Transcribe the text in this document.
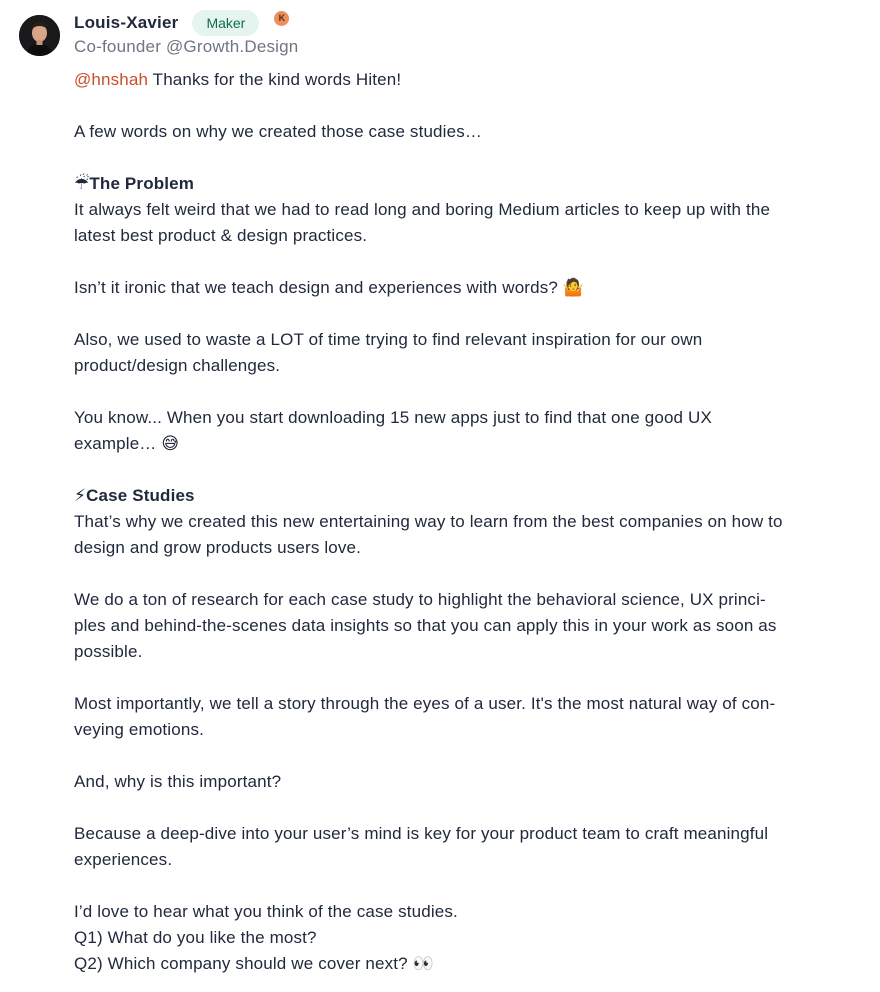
Louis-Xavier	Maker	K
Co-founder @Growth.Design
@hnshah Thanks for the kind words Hiten!
A few words on why we created those case studies…
☔The Problem
It always felt weird that we had to read long and boring Medium articles to keep up with the
latest best product & design practices.
Isn’t it ironic that we teach design and experiences with words? 🤷
Also, we used to waste a LOT of time trying to find relevant inspiration for our own
product/design challenges.
You know... When you start downloading 15 new apps just to find that one good UX
example… 😅
⚡Case Studies
That’s why we created this new entertaining way to learn from the best companies on how to
design and grow products users love.
We do a ton of research for each case study to highlight the behavioral science, UX princi-
ples and behind-the-scenes data insights so that you can apply this in your work as soon as
possible.
Most importantly, we tell a story through the eyes of a user. It's the most natural way of con-
veying emotions.
And, why is this important?
Because a deep-dive into your user’s mind is key for your product team to craft meaningful
experiences.
I’d love to hear what you think of the case studies.
Q1) What do you like the most?
Q2) Which company should we cover next? 👀
